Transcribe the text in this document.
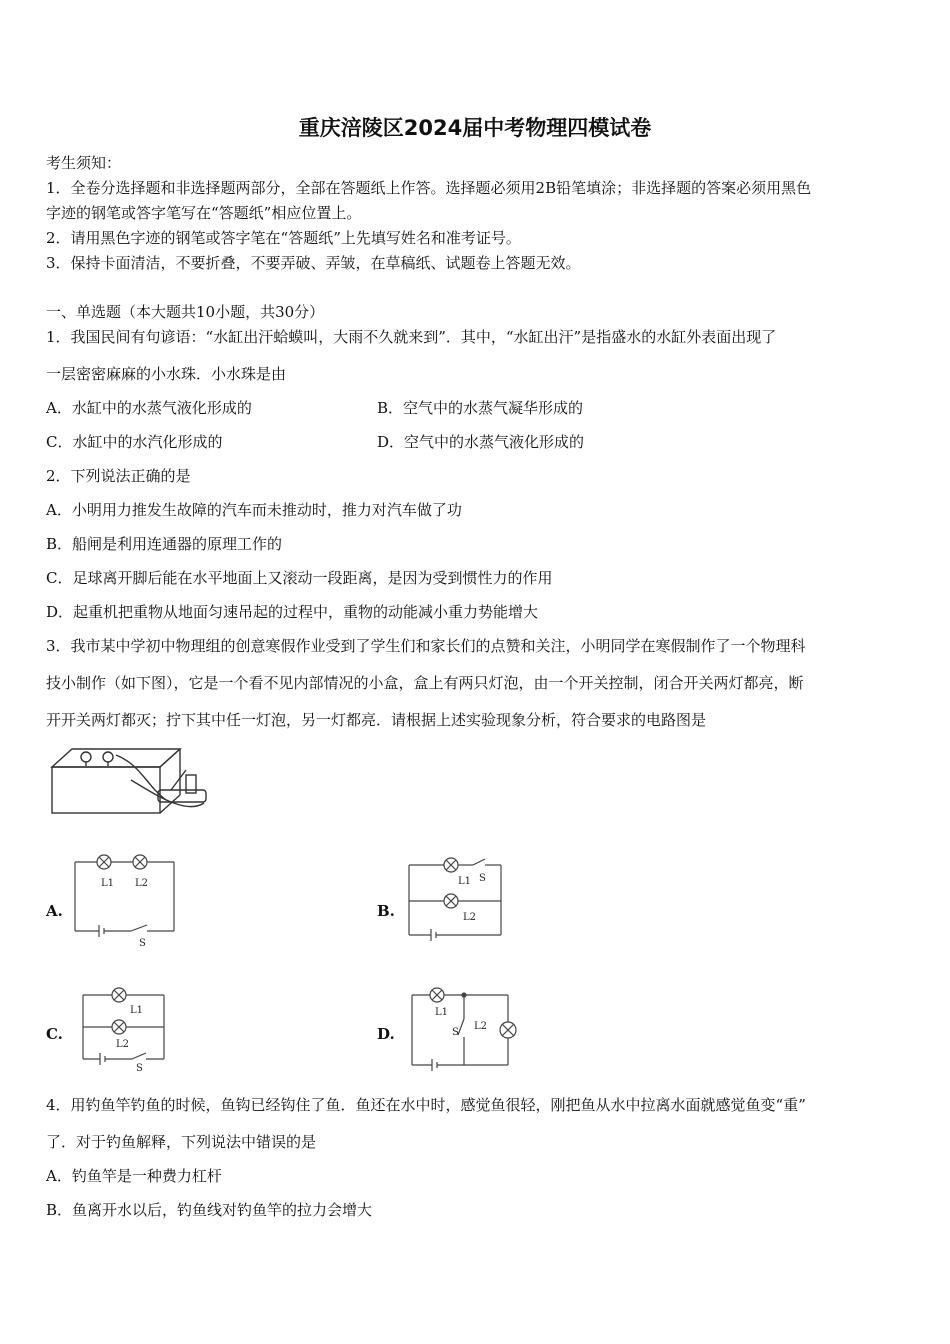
重庆涪陵区2024届中考物理四模试卷
考生须知：
1．全卷分选择题和非选择题两部分，全部在答题纸上作答。选择题必须用2B铅笔填涂；非选择题的答案必须用黑色
字迹的钢笔或答字笔写在“答题纸”相应位置上。
2．请用黑色字迹的钢笔或答字笔在“答题纸”上先填写姓名和准考证号。
3．保持卡面清洁，不要折叠，不要弄破、弄皱，在草稿纸、试题卷上答题无效。
一、单选题（本大题共10小题，共30分）
1．我国民间有句谚语：“水缸出汗蛤蟆叫，大雨不久就来到”．其中，“水缸出汗”是指盛水的水缸外表面出现了
一层密密麻麻的小水珠．小水珠是由
A．水缸中的水蒸气液化形成的	B．空气中的水蒸气凝华形成的
C．水缸中的水汽化形成的	D．空气中的水蒸气液化形成的
2．下列说法正确的是
A．小明用力推发生故障的汽车而未推动时，推力对汽车做了功
B．船闸是利用连通器的原理工作的
C．足球离开脚后能在水平地面上又滚动一段距离，是因为受到惯性力的作用
D．起重机把重物从地面匀速吊起的过程中，重物的动能减小重力势能增大
3．我市某中学初中物理组的创意寒假作业受到了学生们和家长们的点赞和关注，小明同学在寒假制作了一个物理科
技小制作（如下图），它是一个看不见内部情况的小盒，盒上有两只灯泡，由一个开关控制，闭合开关两灯都亮，断
开开关两灯都灭；拧下其中任一灯泡，另一灯都亮．请根据上述实验现象分析，符合要求的电路图是
A.
L1 L2
S
B.
L1 S
L2
C.
L1
L2
S
D.
L1
S
L2
4．用钓鱼竿钓鱼的时候，鱼钩已经钩住了鱼．鱼还在水中时，感觉鱼很轻，刚把鱼从水中拉离水面就感觉鱼变“重”
了．对于钓鱼解释，下列说法中错误的是
A．钓鱼竿是一种费力杠杆
B．鱼离开水以后，钓鱼线对钓鱼竿的拉力会增大
